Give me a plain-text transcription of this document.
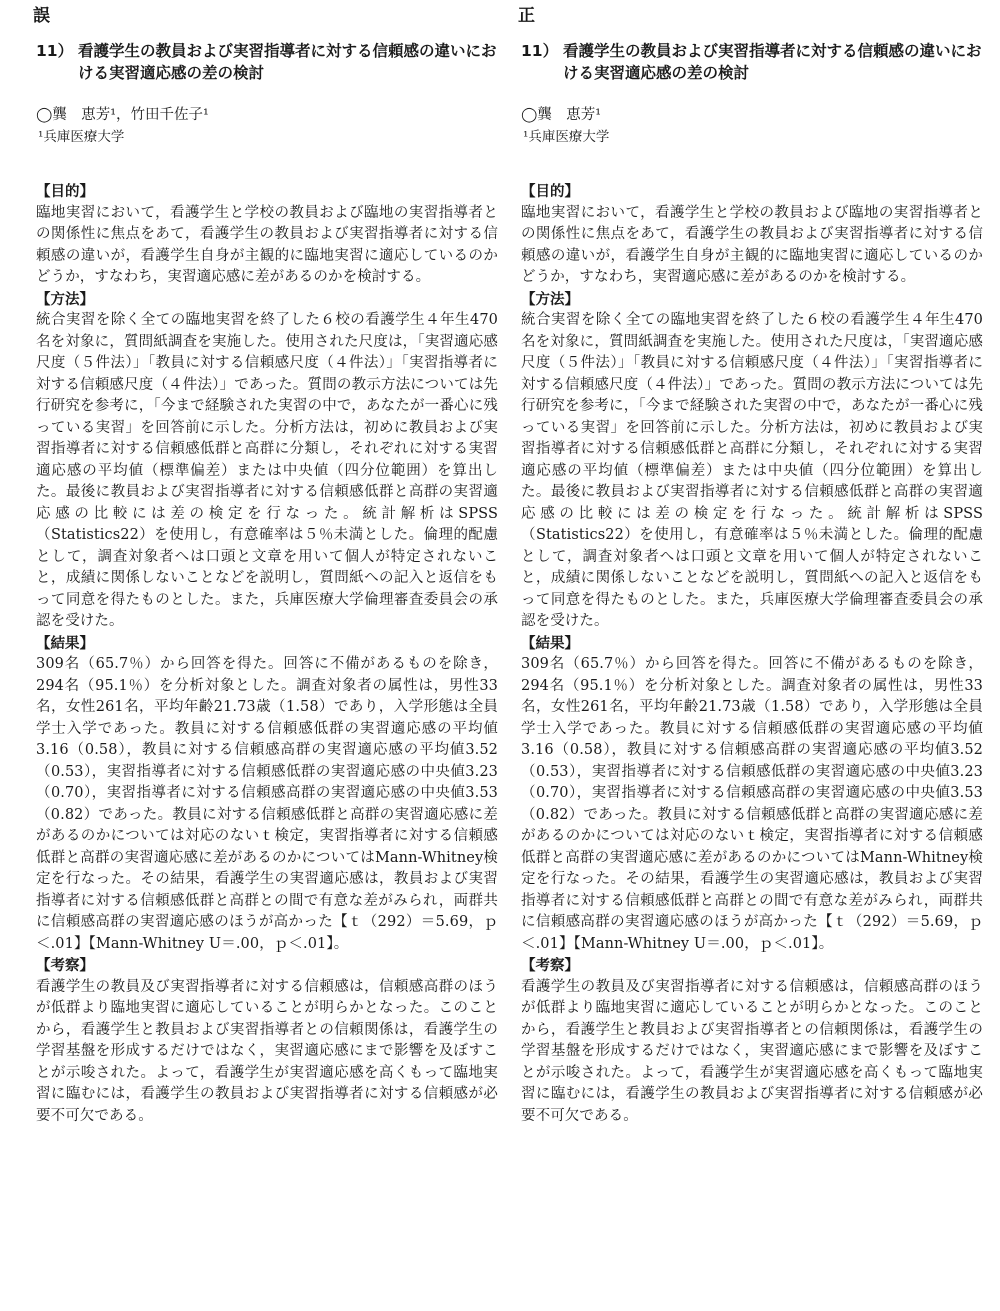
誤
11） 看護学生の教員および実習指導者に対する信頼感の違いにおける実習適応感の差の検討
◯龔　恵芳¹，竹田千佐子¹
¹兵庫医療大学
【目的】

臨地実習において，看護学生と学校の教員および臨地の実習指導者との関係性に焦点をあて，看護学生の教員および実習指導者に対する信頼感の違いが，看護学生自身が主観的に臨地実習に適応しているのかどうか，すなわち，実習適応感に差があるのかを検討する。

【方法】

統合実習を除く全ての臨地実習を終了した６校の看護学生４年生470名を対象に，質問紙調査を実施した。使用された尺度は，「実習適応感尺度（５件法）」「教員に対する信頼感尺度（４件法）」「実習指導者に対する信頼感尺度（４件法）」であった。質問の教示方法については先行研究を参考に，「今まで経験された実習の中で，あなたが一番心に残っている実習」を回答前に示した。分析方法は，初めに教員および実習指導者に対する信頼感低群と高群に分類し，それぞれに対する実習適応感の平均値（標準偏差）または中央値（四分位範囲）を算出した。最後に教員および実習指導者に対する信頼感低群と高群の実習適応感の比較には差の検定を行なった。統計解析はSPSS（Statistics22）を使用し，有意確率は５％未満とした。倫理的配慮として，調査対象者へは口頭と文章を用いて個人が特定されないこと，成績に関係しないことなどを説明し，質問紙への記入と返信をもって同意を得たものとした。また，兵庫医療大学倫理審査委員会の承認を受けた。

【結果】

309名（65.7％）から回答を得た。回答に不備があるものを除き，294名（95.1％）を分析対象とした。調査対象者の属性は，男性33名，女性261名，平均年齢21.73歳（1.58）であり，入学形態は全員学士入学であった。教員に対する信頼感低群の実習適応感の平均値3.16（0.58），教員に対する信頼感高群の実習適応感の平均値3.52（0.53），実習指導者に対する信頼感低群の実習適応感の中央値3.23（0.70），実習指導者に対する信頼感高群の実習適応感の中央値3.53（0.82）であった。教員に対する信頼感低群と高群の実習適応感に差があるのかについては対応のないｔ検定，実習指導者に対する信頼感低群と高群の実習適応感に差があるのかについてはMann-Whitney検定を行なった。その結果，看護学生の実習適応感は，教員および実習指導者に対する信頼感低群と高群との間で有意な差がみられ，両群共に信頼感高群の実習適応感のほうが高かった【ｔ（292）＝5.69，ｐ＜.01】【Mann-Whitney U＝.00，ｐ＜.01】。

【考察】

看護学生の教員及び実習指導者に対する信頼感は，信頼感高群のほうが低群より臨地実習に適応していることが明らかとなった。このことから，看護学生と教員および実習指導者との信頼関係は，看護学生の学習基盤を形成するだけではなく，実習適応感にまで影響を及ぼすことが示唆された。よって，看護学生が実習適応感を高くもって臨地実習に臨むには，看護学生の教員および実習指導者に対する信頼感が必要不可欠である。

正
11） 看護学生の教員および実習指導者に対する信頼感の違いにおける実習適応感の差の検討
◯龔　恵芳¹
¹兵庫医療大学
【目的】

臨地実習において，看護学生と学校の教員および臨地の実習指導者との関係性に焦点をあて，看護学生の教員および実習指導者に対する信頼感の違いが，看護学生自身が主観的に臨地実習に適応しているのかどうか，すなわち，実習適応感に差があるのかを検討する。

【方法】

統合実習を除く全ての臨地実習を終了した６校の看護学生４年生470名を対象に，質問紙調査を実施した。使用された尺度は，「実習適応感尺度（５件法）」「教員に対する信頼感尺度（４件法）」「実習指導者に対する信頼感尺度（４件法）」であった。質問の教示方法については先行研究を参考に，「今まで経験された実習の中で，あなたが一番心に残っている実習」を回答前に示した。分析方法は，初めに教員および実習指導者に対する信頼感低群と高群に分類し，それぞれに対する実習適応感の平均値（標準偏差）または中央値（四分位範囲）を算出した。最後に教員および実習指導者に対する信頼感低群と高群の実習適応感の比較には差の検定を行なった。統計解析はSPSS（Statistics22）を使用し，有意確率は５％未満とした。倫理的配慮として，調査対象者へは口頭と文章を用いて個人が特定されないこと，成績に関係しないことなどを説明し，質問紙への記入と返信をもって同意を得たものとした。また，兵庫医療大学倫理審査委員会の承認を受けた。

【結果】

309名（65.7％）から回答を得た。回答に不備があるものを除き，294名（95.1％）を分析対象とした。調査対象者の属性は，男性33名，女性261名，平均年齢21.73歳（1.58）であり，入学形態は全員学士入学であった。教員に対する信頼感低群の実習適応感の平均値3.16（0.58），教員に対する信頼感高群の実習適応感の平均値3.52（0.53），実習指導者に対する信頼感低群の実習適応感の中央値3.23（0.70），実習指導者に対する信頼感高群の実習適応感の中央値3.53（0.82）であった。教員に対する信頼感低群と高群の実習適応感に差があるのかについては対応のないｔ検定，実習指導者に対する信頼感低群と高群の実習適応感に差があるのかについてはMann-Whitney検定を行なった。その結果，看護学生の実習適応感は，教員および実習指導者に対する信頼感低群と高群との間で有意な差がみられ，両群共に信頼感高群の実習適応感のほうが高かった【ｔ（292）＝5.69，ｐ＜.01】【Mann-Whitney U＝.00，ｐ＜.01】。

【考察】

看護学生の教員及び実習指導者に対する信頼感は，信頼感高群のほうが低群より臨地実習に適応していることが明らかとなった。このことから，看護学生と教員および実習指導者との信頼関係は，看護学生の学習基盤を形成するだけではなく，実習適応感にまで影響を及ぼすことが示唆された。よって，看護学生が実習適応感を高くもって臨地実習に臨むには，看護学生の教員および実習指導者に対する信頼感が必要不可欠である。
